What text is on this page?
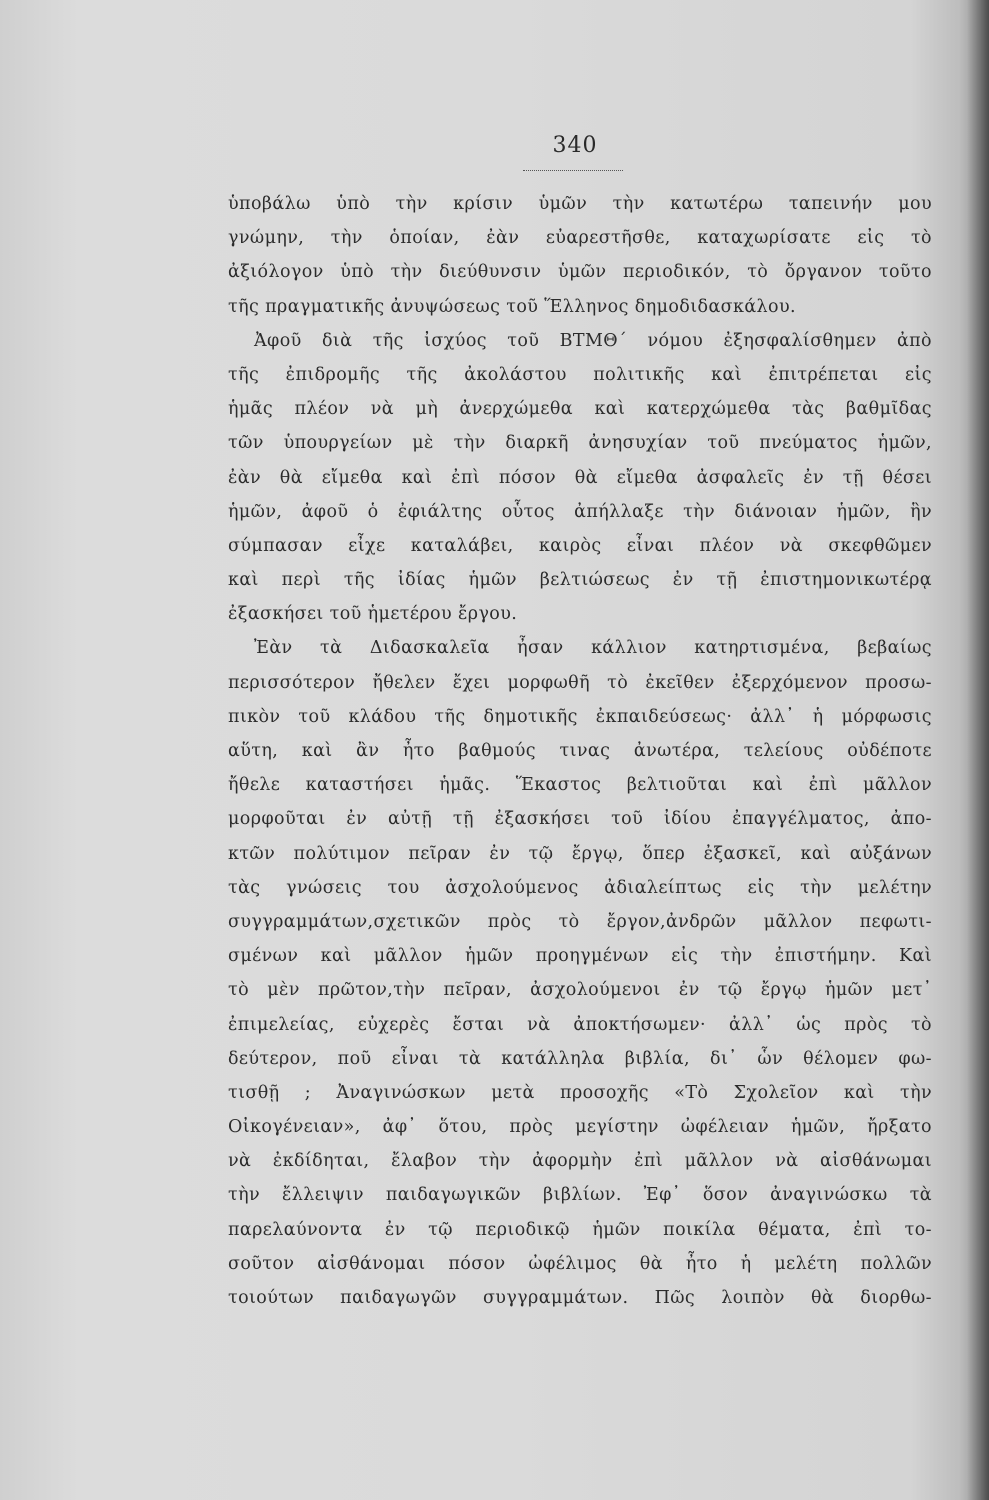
340
ὑποβάλω ὑπὸ τὴν κρίσιν ὑμῶν τὴν κατωτέρω ταπεινήν μου
γνώμην, τὴν ὁποίαν, ἐὰν εὐαρεστῆσθε, καταχωρίσατε εἰς τὸ
ἀξιόλογον ὑπὸ τὴν διεύθυνσιν ὑμῶν περιοδικόν, τὸ ὄργανον τοῦτο
τῆς πραγματικῆς ἀνυψώσεως τοῦ Ἕλληνος δημοδιδασκάλου.
Ἀφοῦ διὰ τῆς ἰσχύος τοῦ ΒΤΜΘ΄ νόμου ἐξησφαλίσθημεν ἀπὸ
τῆς ἐπιδρομῆς τῆς ἀκολάστου πολιτικῆς καὶ ἐπιτρέπεται εἰς
ἡμᾶς πλέον νὰ μὴ ἀνερχώμεθα καὶ κατερχώμεθα τὰς βαθμῖδας
τῶν ὑπουργείων μὲ τὴν διαρκῆ ἀνησυχίαν τοῦ πνεύματος ἡμῶν,
ἐὰν θὰ εἴμεθα καὶ ἐπὶ πόσον θὰ εἴμεθα ἀσφαλεῖς ἐν τῇ θέσει
ἡμῶν, ἀφοῦ ὁ ἐφιάλτης οὗτος ἀπήλλαξε τὴν διάνοιαν ἡμῶν, ἣν
σύμπασαν εἶχε καταλάβει, καιρὸς εἶναι πλέον νὰ σκεφθῶμεν
καὶ περὶ τῆς ἰδίας ἡμῶν βελτιώσεως ἐν τῇ ἐπιστημονικωτέρᾳ
ἐξασκήσει τοῦ ἡμετέρου ἔργου.
Ἐὰν τὰ Διδασκαλεῖα ἦσαν κάλλιον κατηρτισμένα, βεβαίως
περισσότερον ἤθελεν ἔχει μορφωθῆ τὸ ἐκεῖθεν ἐξερχόμενον προσω-
πικὸν τοῦ κλάδου τῆς δημοτικῆς ἐκπαιδεύσεως· ἀλλ᾽ ἡ μόρφωσις
αὕτη, καὶ ἂν ἦτο βαθμούς τινας ἀνωτέρα, τελείους οὐδέποτε
ἤθελε καταστήσει ἡμᾶς. Ἕκαστος βελτιοῦται καὶ ἐπὶ μᾶλλον
μορφοῦται ἐν αὐτῇ τῇ ἐξασκήσει τοῦ ἰδίου ἐπαγγέλματος, ἀπο-
κτῶν πολύτιμον πεῖραν ἐν τῷ ἔργῳ, ὅπερ ἐξασκεῖ, καὶ αὐξάνων
τὰς γνώσεις του ἀσχολούμενος ἀδιαλείπτως εἰς τὴν μελέτην
συγγραμμάτων,σχετικῶν πρὸς τὸ ἔργον,ἀνδρῶν μᾶλλον πεφωτι-
σμένων καὶ μᾶλλον ἡμῶν προηγμένων εἰς τὴν ἐπιστήμην. Καὶ
τὸ μὲν πρῶτον,τὴν πεῖραν, ἀσχολούμενοι ἐν τῷ ἔργῳ ἡμῶν μετ᾽
ἐπιμελείας, εὐχερὲς ἔσται νὰ ἀποκτήσωμεν· ἀλλ᾽ ὡς πρὸς τὸ
δεύτερον, ποῦ εἶναι τὰ κατάλληλα βιβλία, δι᾽ ὧν θέλομεν φω-
τισθῇ ; Ἀναγινώσκων μετὰ προσοχῆς «Τὸ Σχολεῖον καὶ τὴν
Οἰκογένειαν», ἀφ᾽ ὅτου, πρὸς μεγίστην ὠφέλειαν ἡμῶν, ἤρξατο
νὰ ἐκδίδηται, ἔλαβον τὴν ἀφορμὴν ἐπὶ μᾶλλον νὰ αἰσθάνωμαι
τὴν ἔλλειψιν παιδαγωγικῶν βιβλίων. Ἐφ᾽ ὅσον ἀναγινώσκω τὰ
παρελαύνοντα ἐν τῷ περιοδικῷ ἡμῶν ποικίλα θέματα, ἐπὶ το-
σοῦτον αἰσθάνομαι πόσον ὠφέλιμος θὰ ἦτο ἡ μελέτη πολλῶν
τοιούτων παιδαγωγῶν συγγραμμάτων. Πῶς λοιπὸν θὰ διορθω-
